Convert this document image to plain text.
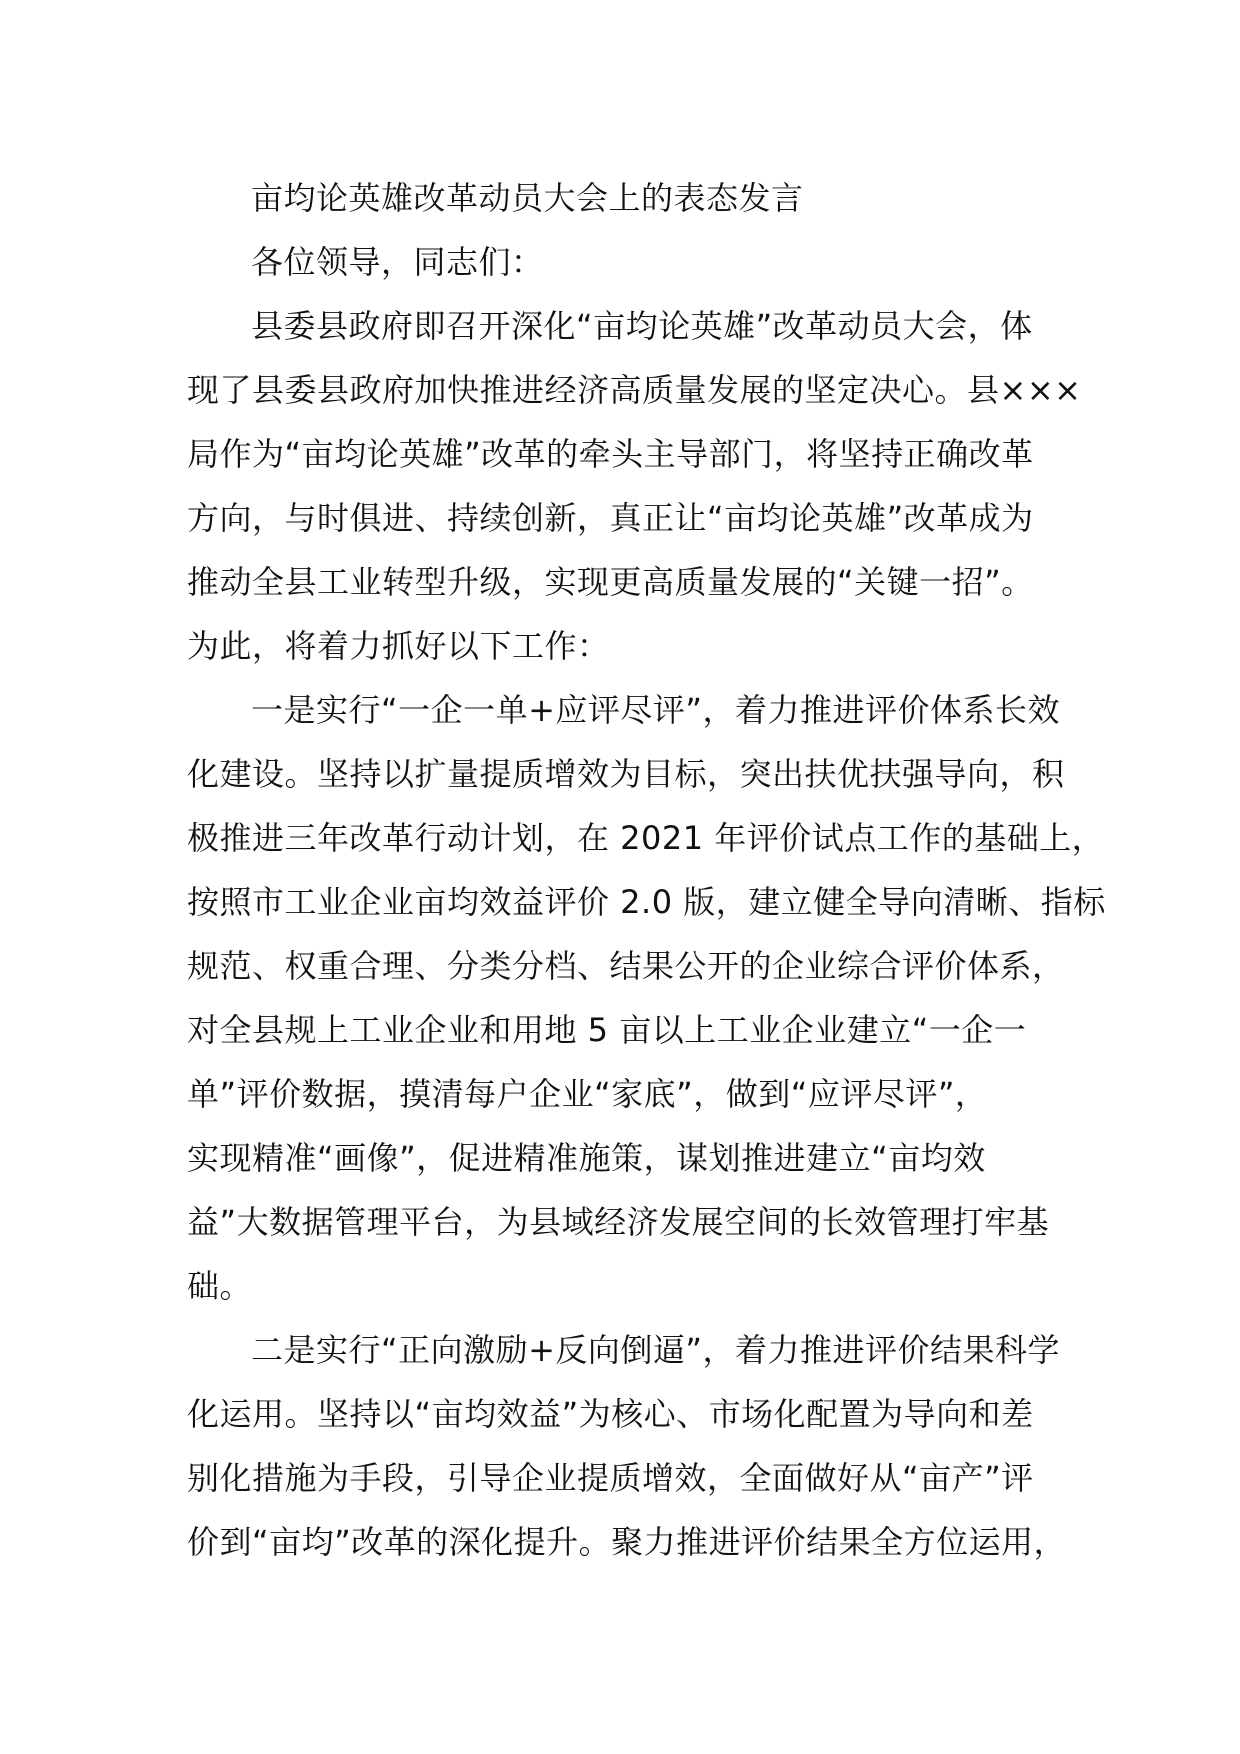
亩均论英雄改革动员大会上的表态发言
各位领导，同志们：
县委县政府即召开深化“亩均论英雄”改革动员大会，体
现了县委县政府加快推进经济高质量发展的坚定决心。县×××
局作为“亩均论英雄”改革的牵头主导部门，将坚持正确改革
方向，与时俱进、持续创新，真正让“亩均论英雄”改革成为
推动全县工业转型升级，实现更高质量发展的“关键一招”。
为此，将着力抓好以下工作：
一是实行“一企一单+应评尽评”，着力推进评价体系长效
化建设。坚持以扩量提质增效为目标，突出扶优扶强导向，积
极推进三年改革行动计划，在 2021 年评价试点工作的基础上，
按照市工业企业亩均效益评价 2.0 版，建立健全导向清晰、指标
规范、权重合理、分类分档、结果公开的企业综合评价体系，
对全县规上工业企业和用地 5 亩以上工业企业建立“一企一
单”评价数据，摸清每户企业“家底”，做到“应评尽评”，
实现精准“画像”，促进精准施策，谋划推进建立“亩均效
益”大数据管理平台，为县域经济发展空间的长效管理打牢基
础。
二是实行“正向激励+反向倒逼”，着力推进评价结果科学
化运用。坚持以“亩均效益”为核心、市场化配置为导向和差
别化措施为手段，引导企业提质增效，全面做好从“亩产”评
价到“亩均”改革的深化提升。聚力推进评价结果全方位运用，
